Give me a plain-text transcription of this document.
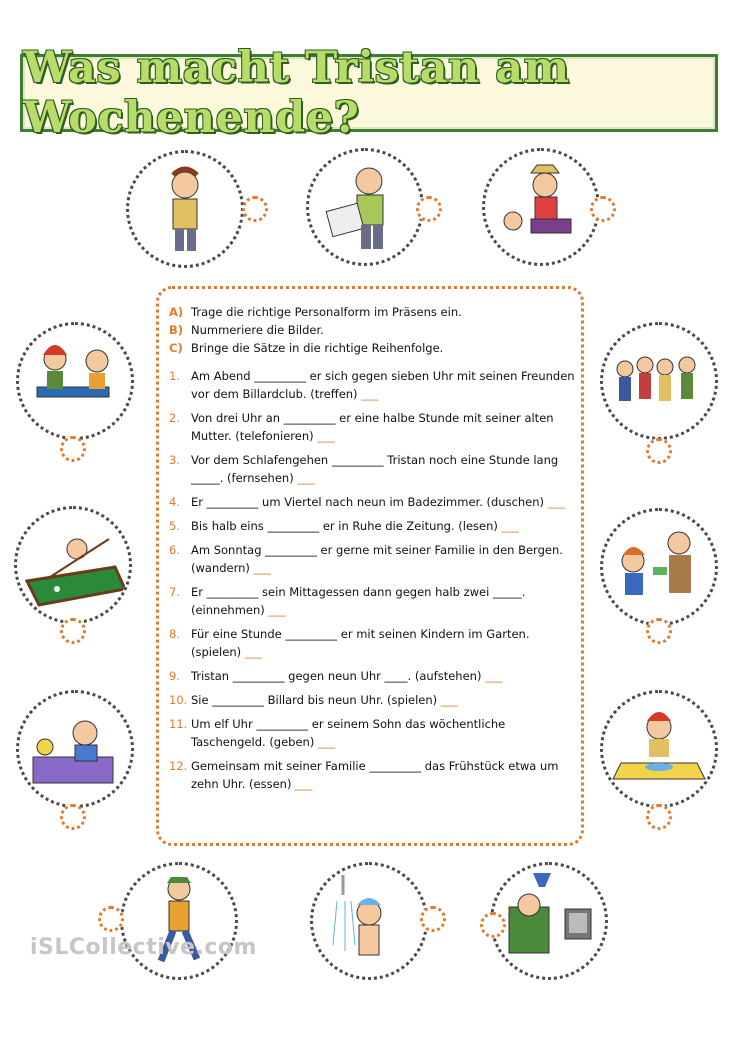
Was macht Tristan am Wochenende?
iSLCollective.com
A) Trage die richtige Personalform im Präsens ein.
B) Nummeriere die Bilder.
C) Bringe die Sätze in die richtige Reihenfolge.
1. Am Abend _________ er sich gegen sieben Uhr mit seinen Freunden vor dem Billardclub. (treffen) ___
2. Von drei Uhr an _________ er eine halbe Stunde mit seiner alten Mutter. (telefonieren) ___
3. Vor dem Schlafengehen _________ Tristan noch eine Stunde lang _____. (fernsehen) ___
4. Er _________ um Viertel nach neun im Badezimmer. (duschen) ___
5. Bis halb eins _________ er in Ruhe die Zeitung. (lesen) ___
6. Am Sonntag _________ er gerne mit seiner Familie in den Bergen. (wandern) ___
7. Er _________ sein Mittagessen dann gegen halb zwei _____. (einnehmen) ___
8. Für eine Stunde _________ er mit seinen Kindern im Garten. (spielen) ___
9. Tristan _________ gegen neun Uhr ____. (aufstehen) ___
10. Sie _________ Billard bis neun Uhr. (spielen) ___
11. Um elf Uhr _________ er seinem Sohn das wöchentliche Taschengeld. (geben) ___
12. Gemeinsam mit seiner Familie _________ das Frühstück etwa um zehn Uhr. (essen) ___
